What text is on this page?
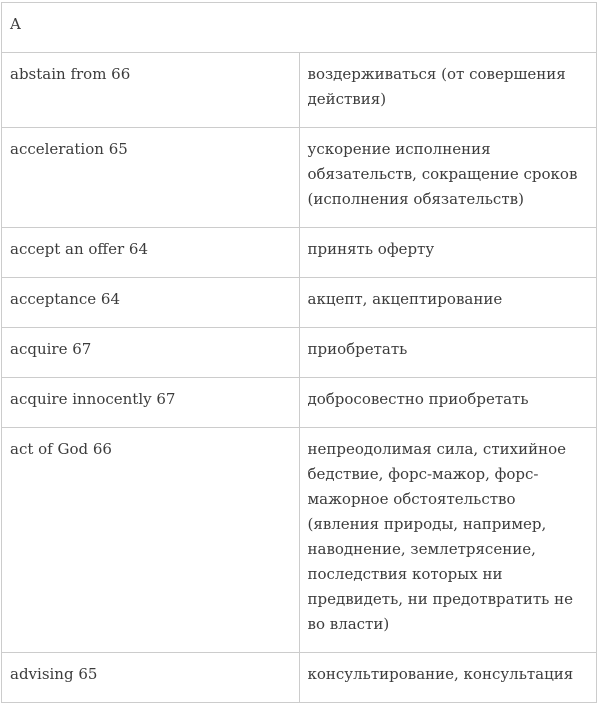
A	
abstain from 66	воздерживаться (от совершения действия)
acceleration 65	ускорение исполнения обязательств, сокращение сроков (исполнения обязательств)
accept an offer 64	принять оферту
acceptance 64	акцепт, акцептирование
acquire 67	приобретать
acquire innocently 67	добросовестно приобретать
act of God 66	непреодолимая сила, стихийное бедствие, форс-мажор, форс-мажорное обстоятельство (явления природы, например, наводнение, землетрясение, последствия которых ни предвидеть, ни предотвратить не во власти)
advising 65	консультирование, консультация
